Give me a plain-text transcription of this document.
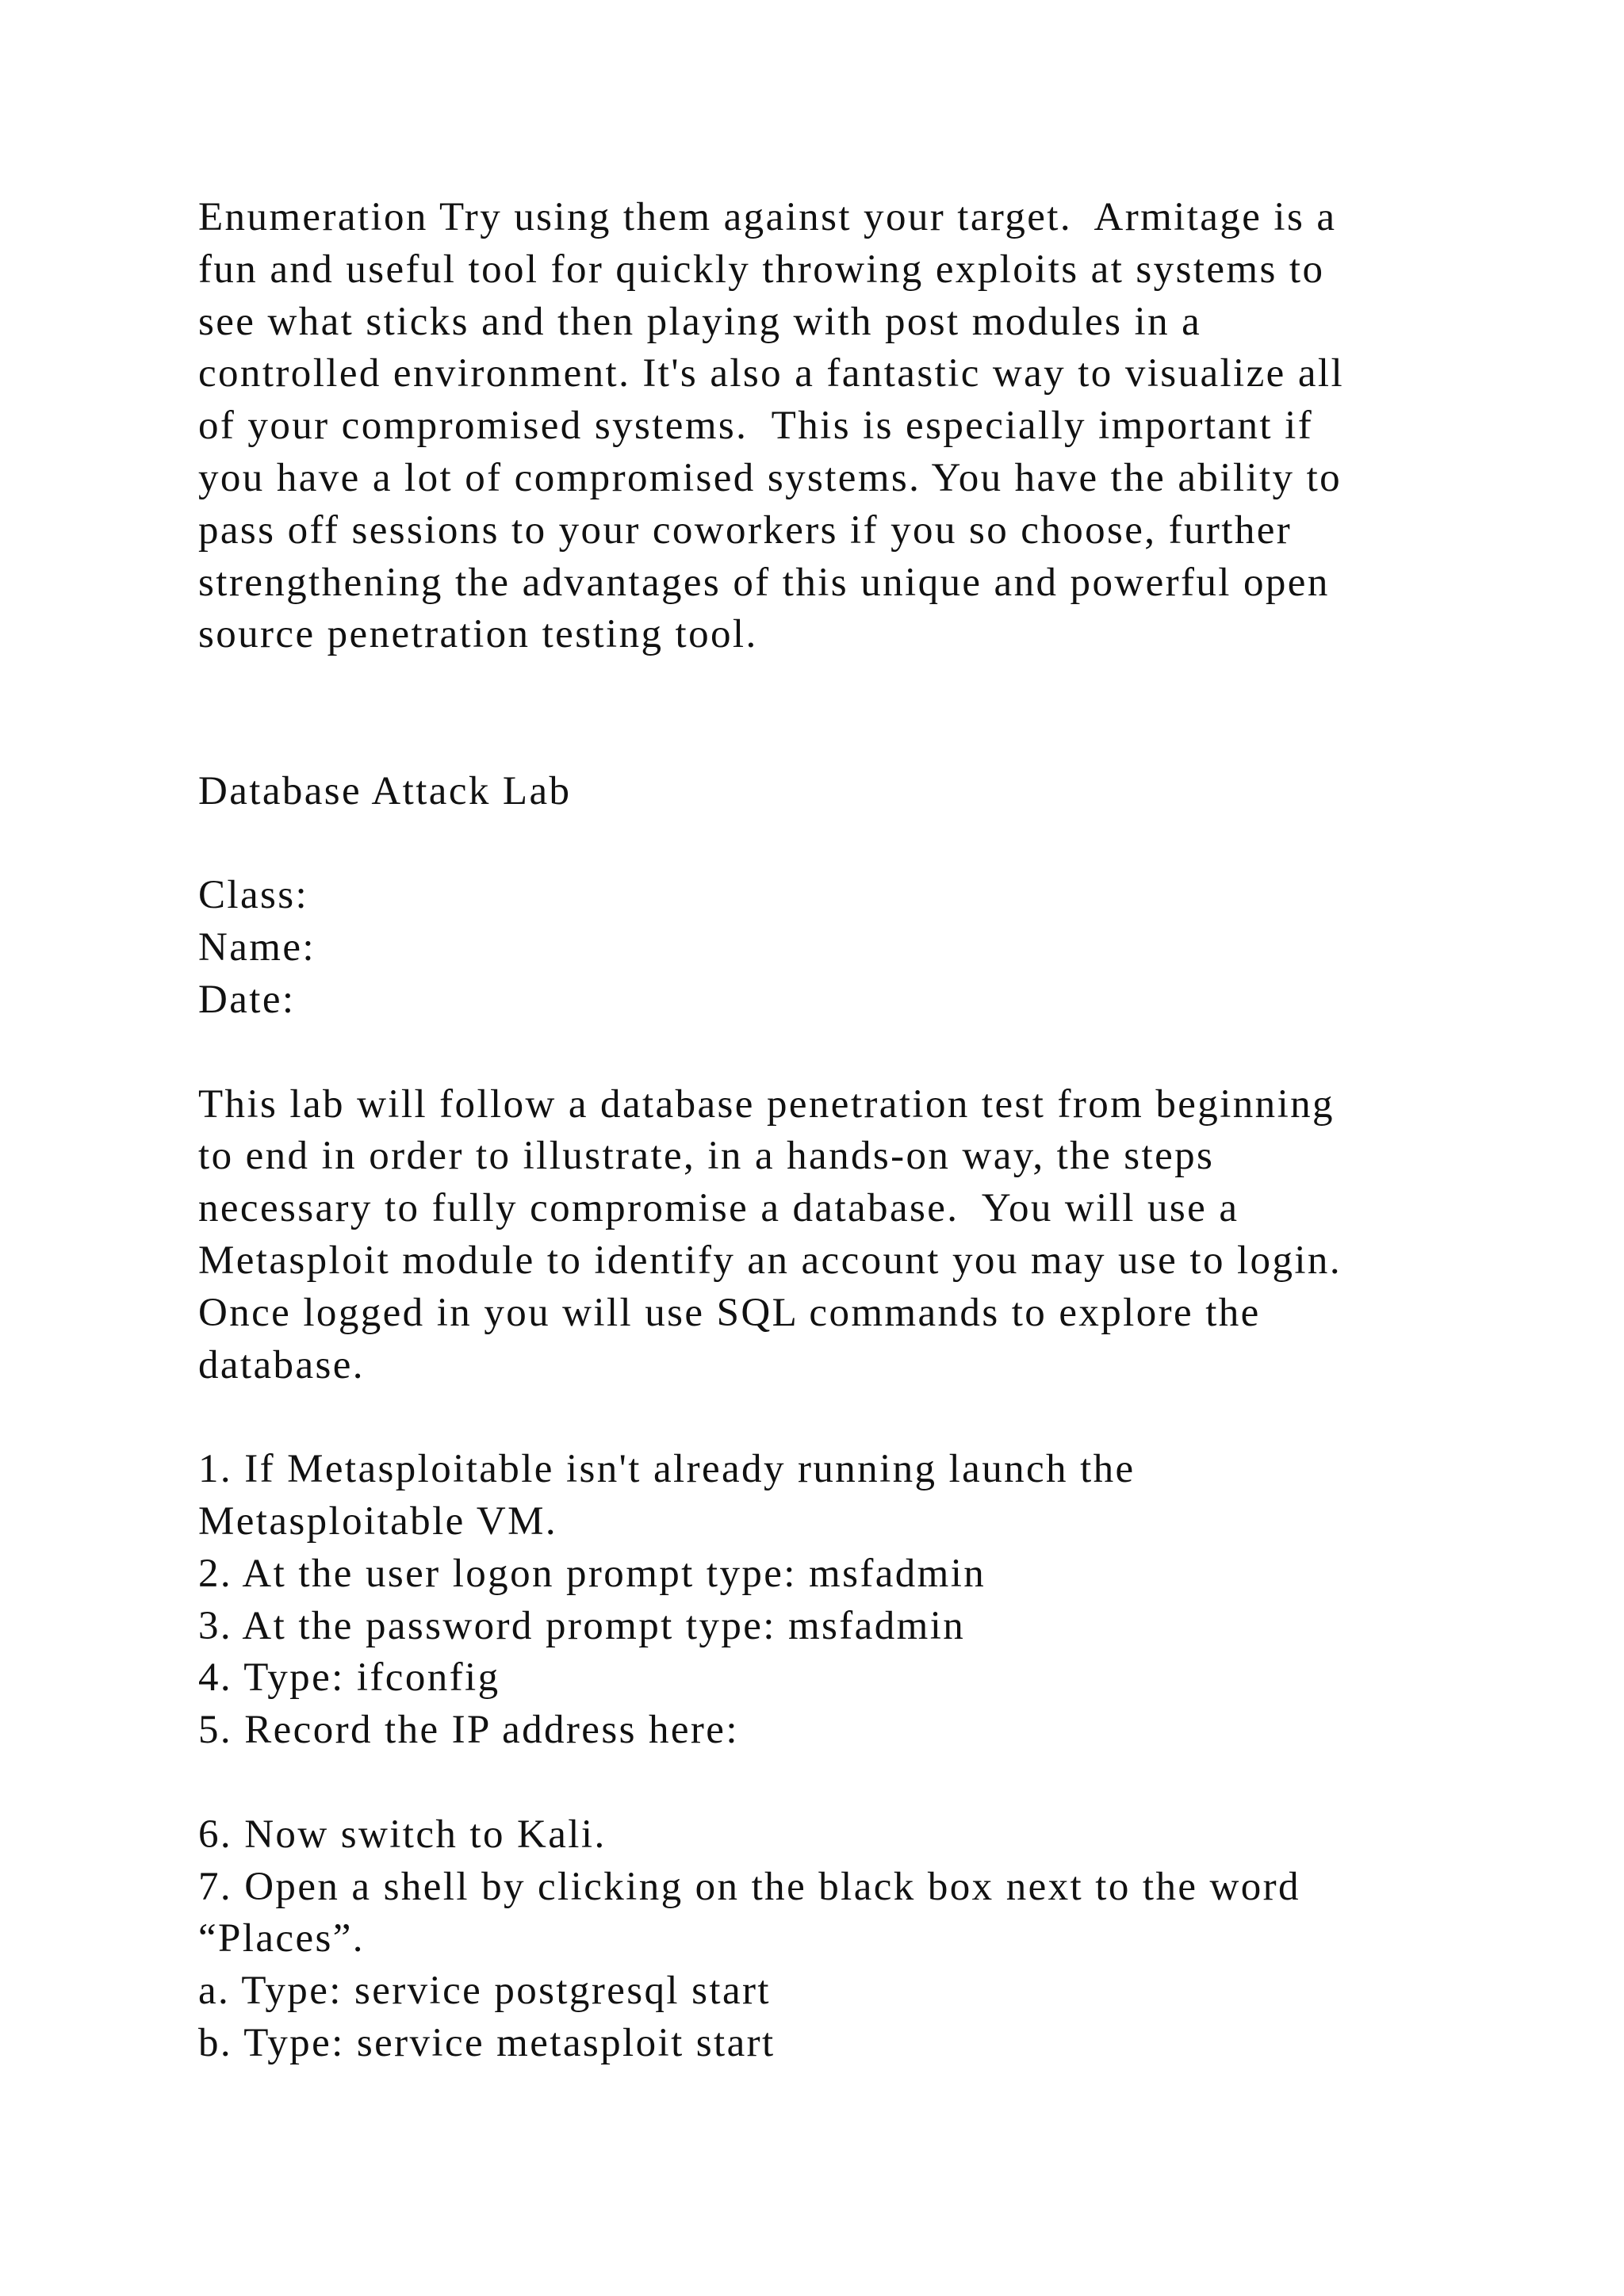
Enumeration Try using them against your target.  Armitage is a
fun and useful tool for quickly throwing exploits at systems to
see what sticks and then playing with post modules in a
controlled environment. It's also a fantastic way to visualize all
of your compromised systems.  This is especially important if
you have a lot of compromised systems. You have the ability to
pass off sessions to your coworkers if you so choose, further
strengthening the advantages of this unique and powerful open
source penetration testing tool.
Database Attack Lab
Class:
Name:
Date:
This lab will follow a database penetration test from beginning
to end in order to illustrate, in a hands-on way, the steps
necessary to fully compromise a database.  You will use a
Metasploit module to identify an account you may use to login.
Once logged in you will use SQL commands to explore the
database.
1. If Metasploitable isn't already running launch the
Metasploitable VM.
2. At the user logon prompt type: msfadmin
3. At the password prompt type: msfadmin
4. Type: ifconfig
5. Record the IP address here:
6. Now switch to Kali.
7. Open a shell by clicking on the black box next to the word
“Places”.
a. Type: service postgresql start
b. Type: service metasploit start
